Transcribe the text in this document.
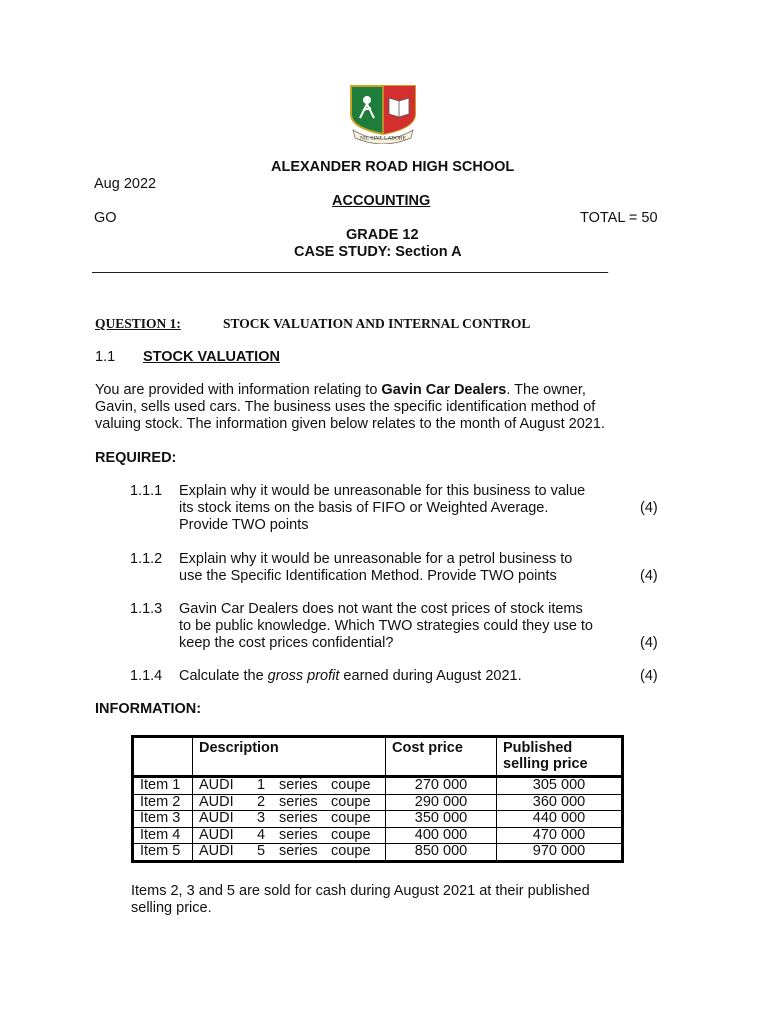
NIL SINE LABORE
ALEXANDER ROAD HIGH SCHOOL
Aug 2022
ACCOUNTING
GO	TOTAL = 50
GRADE 12
CASE STUDY: Section A
________________________________________________________________
QUESTION 1:	STOCK VALUATION AND INTERNAL CONTROL
1.1 STOCK VALUATION
You are provided with information relating to Gavin Car Dealers. The owner,
Gavin, sells used cars. The business uses the specific identification method of
valuing stock. The information given below relates to the month of August 2021.
REQUIRED:
1.1.1 Explain why it would be unreasonable for this business to value
its stock items on the basis of FIFO or Weighted Average.
Provide TWO points
(4)
1.1.2 Explain why it would be unreasonable for a petrol business to
use the Specific Identification Method. Provide TWO points	(4)
1.1.3 Gavin Car Dealers does not want the cost prices of stock items
to be public knowledge. Which TWO strategies could they use to
keep the cost prices confidential?	(4)
1.1.4 Calculate the gross profit earned during August 2021.	(4)
INFORMATION:
	Description	Cost price	Published
selling price
Item 1	AUDI 1 series coupe	270 000	305 000
Item 2	AUDI 2 series coupe	290 000	360 000
Item 3	AUDI 3 series coupe	350 000	440 000
Item 4	AUDI 4 series coupe	400 000	470 000
Item 5	AUDI 5 series coupe	850 000	970 000
Items 2, 3 and 5 are sold for cash during August 2021 at their published
selling price.
